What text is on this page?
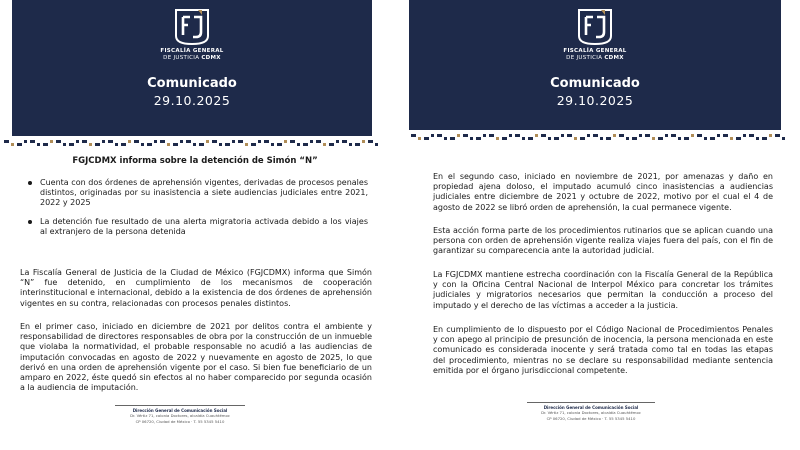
FISCALÍA GENERAL
DE JUSTICIA CDMX
Comunicado
29.10.2025
FGJCDMX informa sobre la detención de Simón “N”
Cuenta con dos órdenes de aprehensión vigentes, derivadas de procesos penales distintos, originadas por su inasistencia a siete audiencias judiciales entre 2021, 2022 y 2025
La detención fue resultado de una alerta migratoria activada debido a los viajes al extranjero de la persona detenida
La Fiscalía General de Justicia de la Ciudad de México (FGJCDMX) informa que Simón “N” fue detenido, en cumplimiento de los mecanismos de cooperación interinstitucional e internacional, debido a la existencia de dos órdenes de aprehensión vigentes en su contra, relacionadas con procesos penales distintos.
En el primer caso, iniciado en diciembre de 2021 por delitos contra el ambiente y responsabilidad de directores responsables de obra por la construcción de un inmueble que violaba la normatividad, el probable responsable no acudió a las audiencias de imputación convocadas en agosto de 2022 y nuevamente en agosto de 2025, lo que derivó en una orden de aprehensión vigente por el caso. Si bien fue beneficiario de un amparo en 2022, éste quedó sin efectos al no haber comparecido por segunda ocasión a la audiencia de imputación.
Dirección General de Comunicación Social
Dr. Vértiz 71, colonia Doctores, alcaldía Cuauhtémoc
CP 06720, Ciudad de México · T. 55 5345 5410
FISCALÍA GENERAL
DE JUSTICIA CDMX
Comunicado
29.10.2025
En el segundo caso, iniciado en noviembre de 2021, por amenazas y daño en propiedad ajena doloso, el imputado acumuló cinco inasistencias a audiencias judiciales entre diciembre de 2021 y octubre de 2022, motivo por el cual el 4 de agosto de 2022 se libró orden de aprehensión, la cual permanece vigente.
Esta acción forma parte de los procedimientos rutinarios que se aplican cuando una persona con orden de aprehensión vigente realiza viajes fuera del país, con el fin de garantizar su comparecencia ante la autoridad judicial.
La FGJCDMX mantiene estrecha coordinación con la Fiscalía General de la República y con la Oficina Central Nacional de Interpol México para concretar los trámites judiciales y migratorios necesarios que permitan la conducción a proceso del imputado y el derecho de las víctimas a acceder a la justicia.
En cumplimiento de lo dispuesto por el Código Nacional de Procedimientos Penales y con apego al principio de presunción de inocencia, la persona mencionada en este comunicado es considerada inocente y será tratada como tal en todas las etapas del procedimiento, mientras no se declare su responsabilidad mediante sentencia emitida por el órgano jurisdiccional competente.
Dirección General de Comunicación Social
Dr. Vértiz 71, colonia Doctores, alcaldía Cuauhtémoc
CP 06720, Ciudad de México · T. 55 5345 5410
